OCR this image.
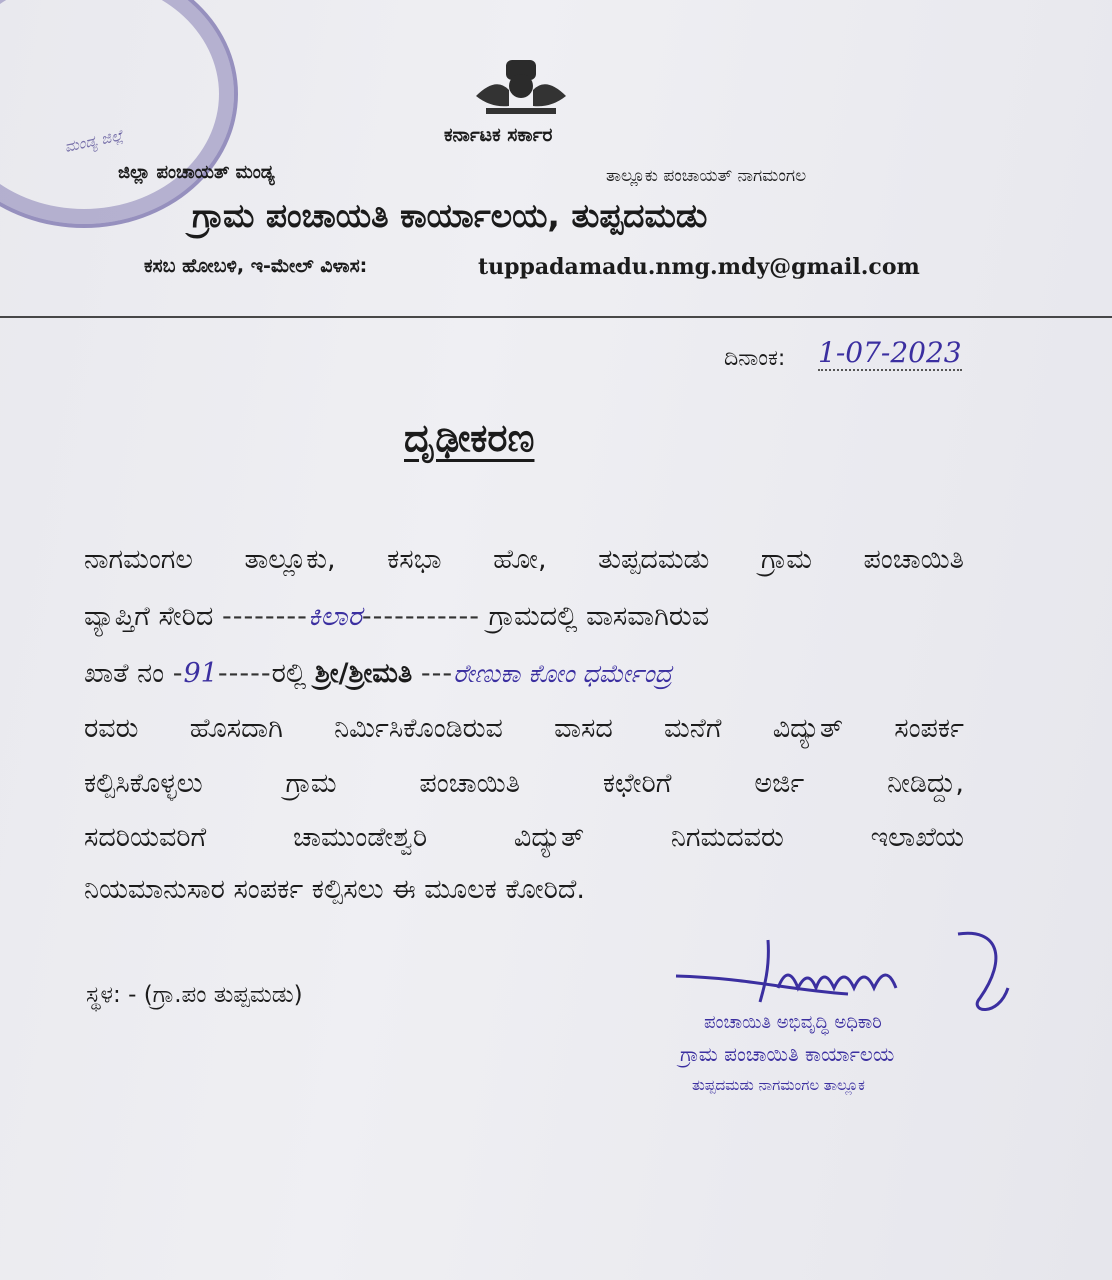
ಮಂಡ್ಯ ಜಿಲ್ಲೆ	ಕರ್ನಾಟಕ ಸರ್ಕಾರ
ಜಿಲ್ಲಾ ಪಂಚಾಯತ್ ಮಂಡ್ಯ	ತಾಲ್ಲೂಕು ಪಂಚಾಯತ್ ನಾಗಮಂಗಲ
ಗ್ರಾಮ ಪಂಚಾಯತಿ ಕಾರ್ಯಾಲಯ, ತುಪ್ಪದಮಡು
ಕಸಬ ಹೋಬಳಿ, ಇ-ಮೇಲ್ ವಿಳಾಸ:	tuppadamadu.nmg.mdy@gmail.com
ದಿನಾಂಕ: 1-07-2023
ದೃಢೀಕರಣ
ನಾಗಮಂಗಲ ತಾಲ್ಲೂಕು, ಕಸಭಾ ಹೋ, ತುಪ್ಪದಮಡು ಗ್ರಾಮ ಪಂಚಾಯಿತಿ
ವ್ಯಾಪ್ತಿಗೆ ಸೇರಿದ --------ಕಿಲಾರ----------- ಗ್ರಾಮದಲ್ಲಿ ವಾಸವಾಗಿರುವ
ಖಾತೆ ನಂ -91-----ರಲ್ಲಿ ಶ್ರೀ/ಶ್ರೀಮತಿ ---ರೇಣುಕಾ ಕೋಂ ಧರ್ಮೇಂದ್ರ
ರವರು ಹೊಸದಾಗಿ ನಿರ್ಮಿಸಿಕೊಂಡಿರುವ ವಾಸದ ಮನೆಗೆ ವಿದ್ಯುತ್ ಸಂಪರ್ಕ
ಕಲ್ಪಿಸಿಕೊಳ್ಳಲು ಗ್ರಾಮ ಪಂಚಾಯಿತಿ ಕಛೇರಿಗೆ ಅರ್ಜಿ ನೀಡಿದ್ದು,
ಸದರಿಯವರಿಗೆ ಚಾಮುಂಡೇಶ್ವರಿ ವಿದ್ಯುತ್ ನಿಗಮದವರು ಇಲಾಖೆಯ
ನಿಯಮಾನುಸಾರ ಸಂಪರ್ಕ ಕಲ್ಪಿಸಲು ಈ ಮೂಲಕ ಕೋರಿದೆ.
ಸ್ಥಳ: - (ಗ್ರಾ.ಪಂ ತುಪ್ಪಮಡು)
ಪಂಚಾಯಿತಿ ಅಭಿವೃದ್ಧಿ ಅಧಿಕಾರಿ
ಗ್ರಾಮ ಪಂಚಾಯಿತಿ ಕಾರ್ಯಾಲಯ
ತುಪ್ಪದಮಡು ನಾಗಮಂಗಲ ತಾಲ್ಲೂಕ
